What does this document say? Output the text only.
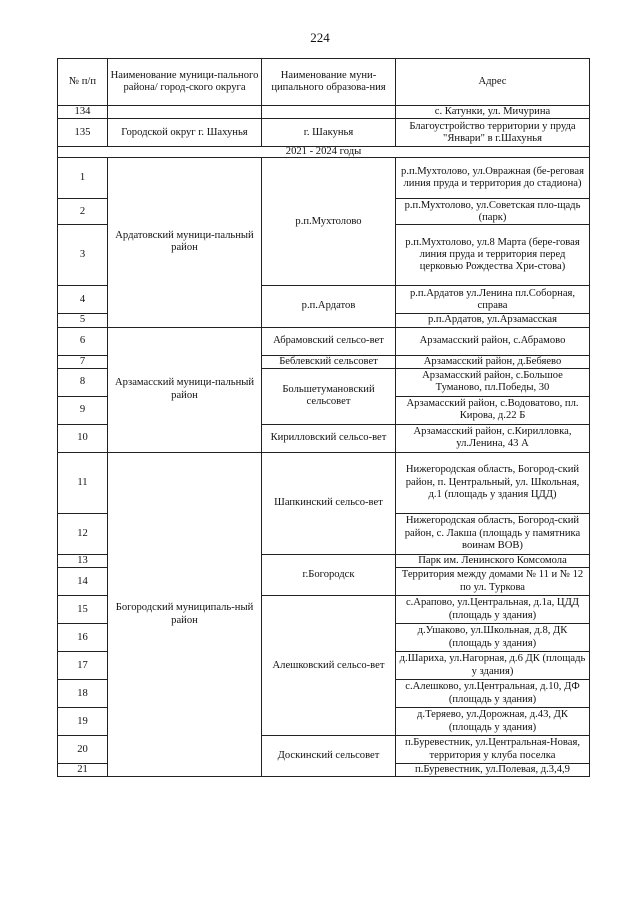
224
№ п/п	Наименование муници-пального района/ город-ского округа	Наименование муни-ципального образова-ния	Адрес
134			с. Катунки, ул. Мичурина
135	Городской округ г. Шахунья	г. Шакунья	Благоустройство территории у пруда "Январи" в г.Шахунья
2021 - 2024 годы			
1	Ардатовский муници-пальный район	р.п.Мухтолово	р.п.Мухтолово, ул.Овражная (бе-реговая линия пруда и территория до стадиона)
2			р.п.Мухтолово, ул.Советская пло-щадь (парк)
3			р.п.Мухтолово, ул.8 Марта (бере-говая линия пруда и территория перед церковью Рождества Хри-стова)
4		р.п.Ардатов	р.п.Ардатов ул.Ленина пл.Соборная, справа
5			р.п.Ардатов, ул.Арзамасская
6	Арзамасский муници-пальный район	Абрамовский сельсо-вет	Арзамасский район, с.Абрамово
7		Беблевский сельсовет	Арзамасский район, д.Бебяево
8		Большетумановский сельсовет	Арзамасский район, с.Большое Туманово, пл.Победы, 30
9			Арзамасский район, с.Водоватово, пл. Кирова, д.22 Б
10		Кирилловский сельсо-вет	Арзамасский район, с.Кирилловка, ул.Ленина, 43 А
11	Богородский муниципаль-ный район	Шапкинский сельсо-вет	Нижегородская область, Богород-ский район, п. Центральный, ул. Школьная, д.1 (площадь у здания ЦДД)
12			Нижегородская область, Богород-ский район, с. Лакша (площадь у памятника воинам ВОВ)
13		г.Богородск	Парк им. Ленинского Комсомола
14			Территория между домами № 11 и № 12 по ул. Туркова
15		Алешковский сельсо-вет	с.Арапово, ул.Центральная, д.1а, ЦДД (площадь у здания)
16			д.Ушаково, ул.Школьная, д.8, ДК (площадь у здания)
17			д.Шариха, ул.Нагорная, д.6 ДК (площадь у здания)
18			с.Алешково, ул.Центральная, д.10, ДФ (площадь у здания)
19			д.Теряево, ул.Дорожная, д.43, ДК (площадь у здания)
20		Доскинский сельсовет	п.Буревестник, ул.Центральная-Новая, территория у клуба поселка
21			п.Буревестник, ул.Полевая, д.3,4,9
